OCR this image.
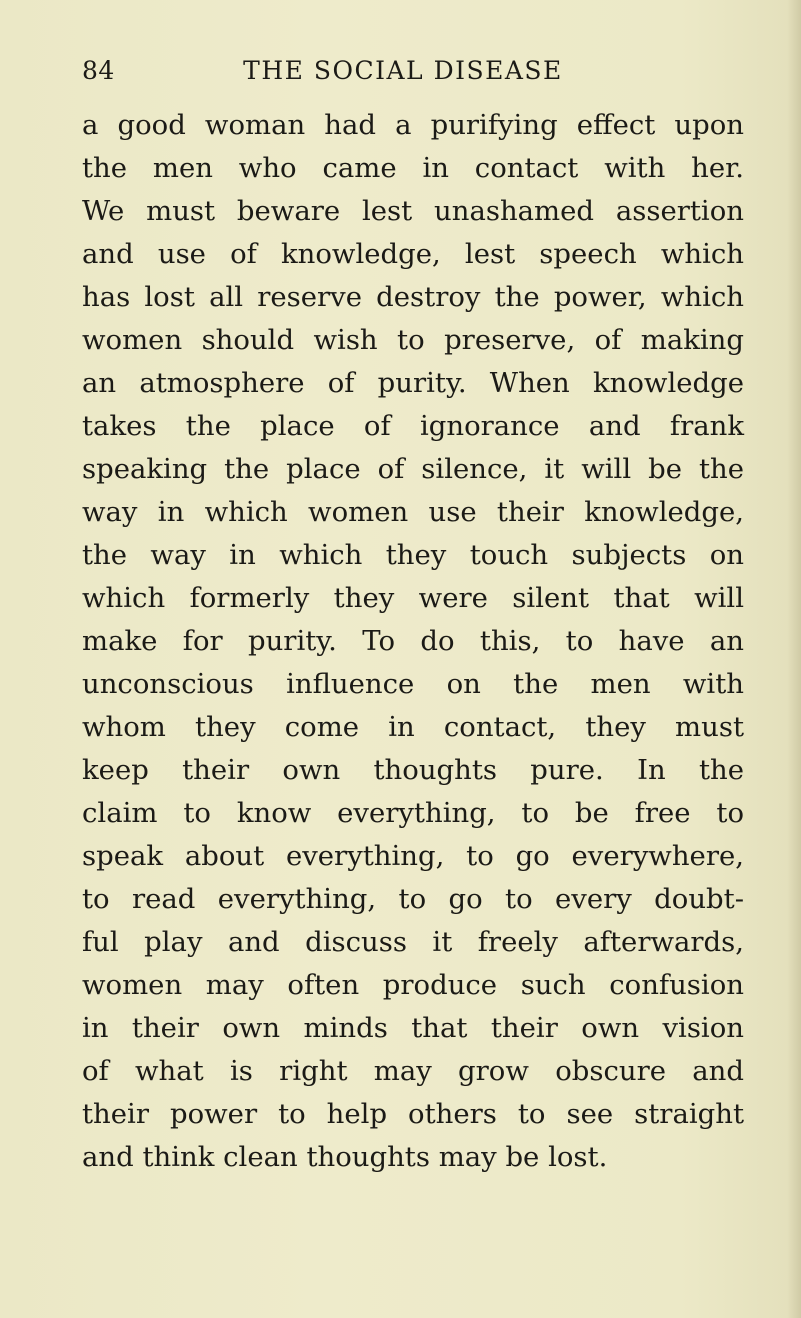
84	THE SOCIAL DISEASE
a good woman had a purifying effect upon
the men who came in contact with her.
We must beware lest unashamed assertion
and use of knowledge, lest speech which
has lost all reserve destroy the power, which
women should wish to preserve, of making
an atmosphere of purity. When knowledge
takes the place of ignorance and frank
speaking the place of silence, it will be the
way in which women use their knowledge,
the way in which they touch subjects on
which formerly they were silent that will
make for purity. To do this, to have an
unconscious influence on the men with
whom they come in contact, they must
keep their own thoughts pure. In the
claim to know everything, to be free to
speak about everything, to go everywhere,
to read everything, to go to every doubt-
ful play and discuss it freely afterwards,
women may often produce such confusion
in their own minds that their own vision
of what is right may grow obscure and
their power to help others to see straight
and think clean thoughts may be lost.
